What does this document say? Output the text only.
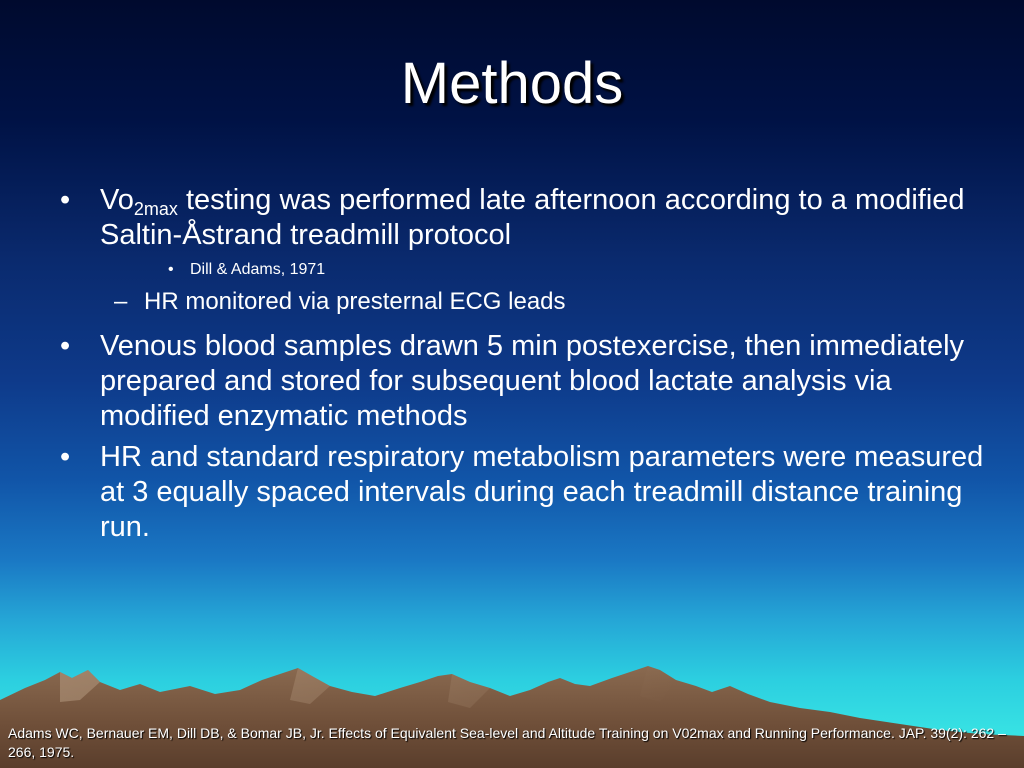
Methods
• $Vo_{2max}$ testing was performed late afternoon according to a modified Saltin-Åstrand treadmill protocol
• Dill & Adams, 1971
– HR monitored via presternal ECG leads
• Venous blood samples drawn 5 min postexercise, then immediately prepared and stored for subsequent blood lactate analysis via modified enzymatic methods
• HR and standard respiratory metabolism parameters were measured at 3 equally spaced intervals during each treadmill distance training run.
Adams WC, Bernauer EM, Dill DB, & Bomar JB, Jr. Effects of Equivalent Sea-level and Altitude Training on V02max and Running Performance. JAP. 39(2): 262 – 266, 1975.
